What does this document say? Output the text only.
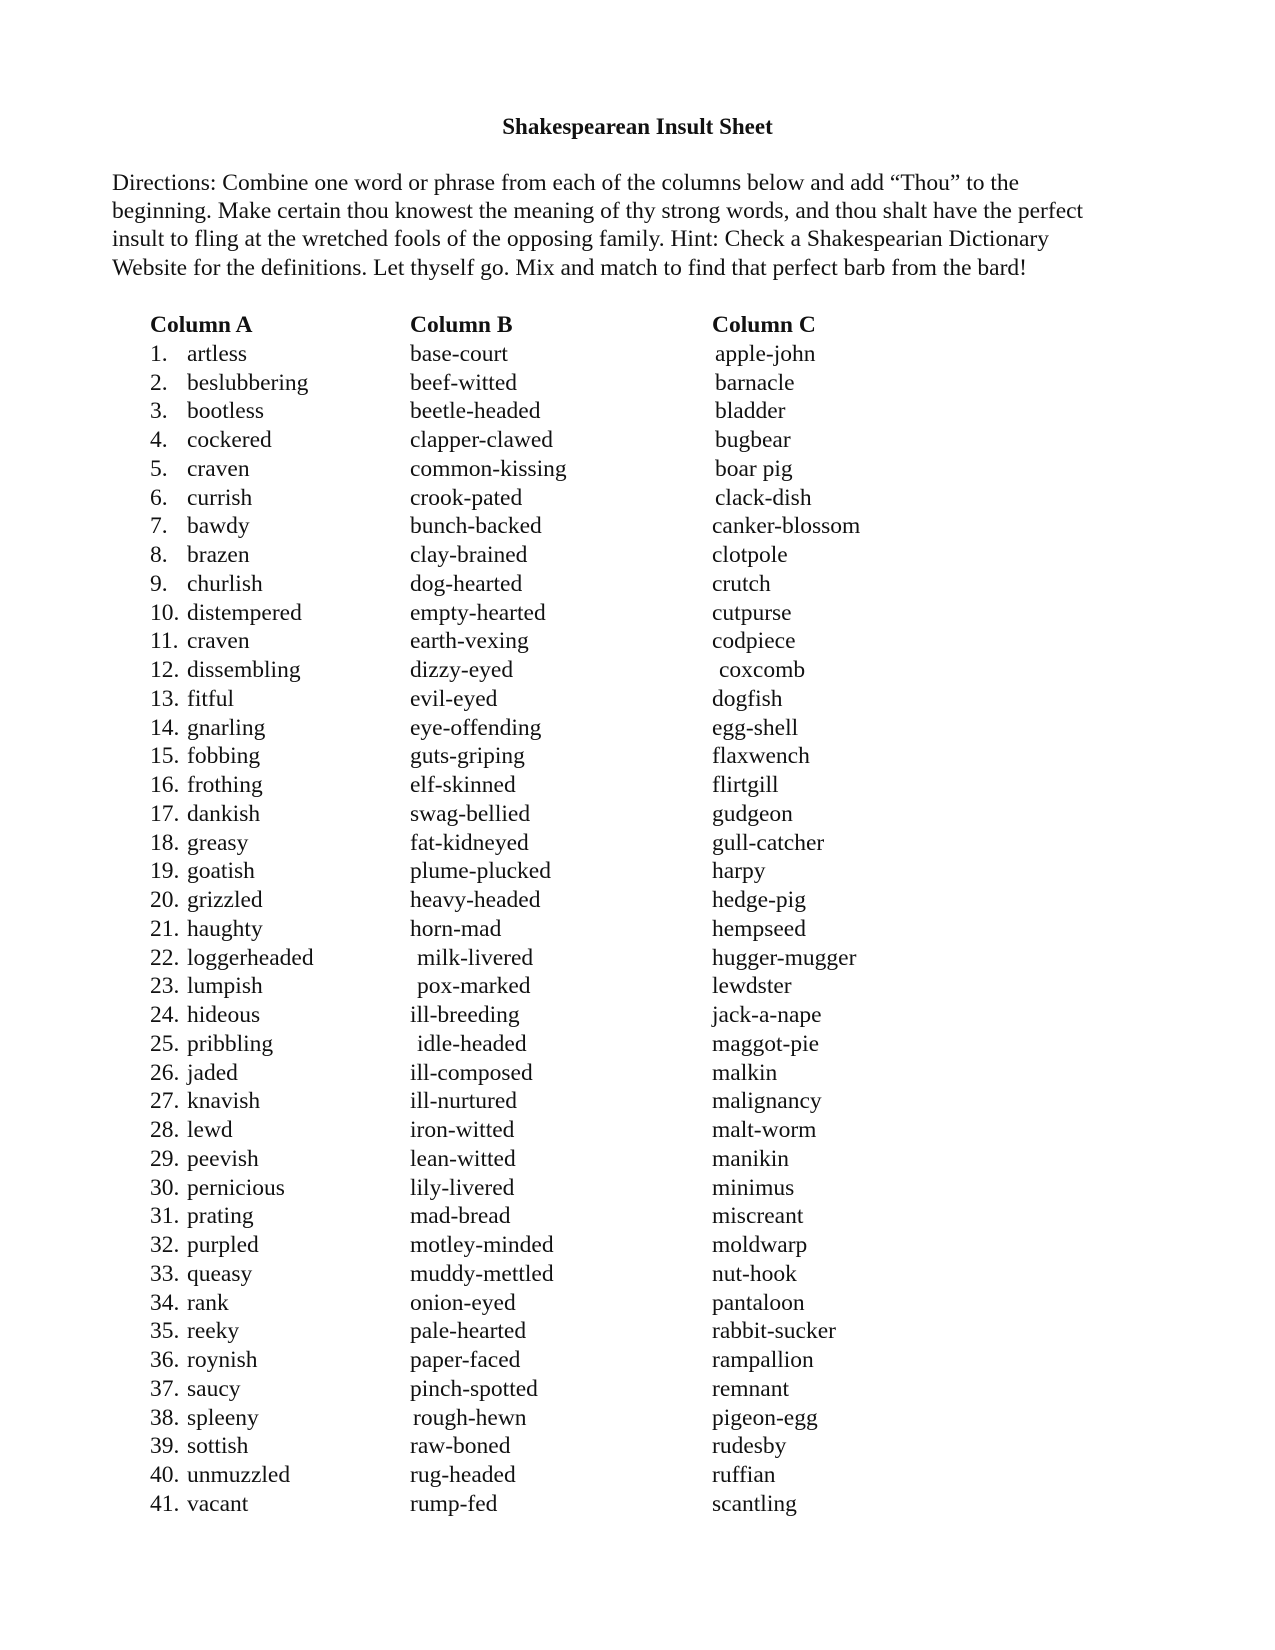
Shakespearean Insult Sheet

Directions: Combine one word or phrase from each of the columns below and add “Thou” to the
beginning. Make certain thou knowest the meaning of thy strong words, and thou shalt have the perfect
insult to fling at the wretched fools of the opposing family. Hint: Check a Shakespearian Dictionary
Website for the definitions. Let thyself go. Mix and match to find that perfect barb from the bard!

Column A
1. artless
2. beslubbering
3. bootless
4. cockered
5. craven
6. currish
7. bawdy
8. brazen
9. churlish
10. distempered
11. craven
12. dissembling
13. fitful
14. gnarling
15. fobbing
16. frothing
17. dankish
18. greasy
19. goatish
20. grizzled
21. haughty
22. loggerheaded
23. lumpish
24. hideous
25. pribbling
26. jaded
27. knavish
28. lewd
29. peevish
30. pernicious
31. prating
32. purpled
33. queasy
34. rank
35. reeky
36. roynish
37. saucy
38. spleeny
39. sottish
40. unmuzzled
41. vacant
Column B
base-court
beef-witted
beetle-headed
clapper-clawed
common-kissing
crook-pated
bunch-backed
clay-brained
dog-hearted
empty-hearted
earth-vexing
dizzy-eyed
evil-eyed
eye-offending
guts-griping
elf-skinned
swag-bellied
fat-kidneyed
plume-plucked
heavy-headed
horn-mad
milk-livered
pox-marked
ill-breeding
idle-headed
ill-composed
ill-nurtured
iron-witted
lean-witted
lily-livered
mad-bread
motley-minded
muddy-mettled
onion-eyed
pale-hearted
paper-faced
pinch-spotted
rough-hewn
raw-boned
rug-headed
rump-fed
Column C
apple-john
barnacle
bladder
bugbear
boar pig
clack-dish
canker-blossom
clotpole
crutch
cutpurse
codpiece
coxcomb
dogfish
egg-shell
flaxwench
flirtgill
gudgeon
gull-catcher
harpy
hedge-pig
hempseed
hugger-mugger
lewdster
jack-a-nape
maggot-pie
malkin
malignancy
malt-worm
manikin
minimus
miscreant
moldwarp
nut-hook
pantaloon
rabbit-sucker
rampallion
remnant
pigeon-egg
rudesby
ruffian
scantling
